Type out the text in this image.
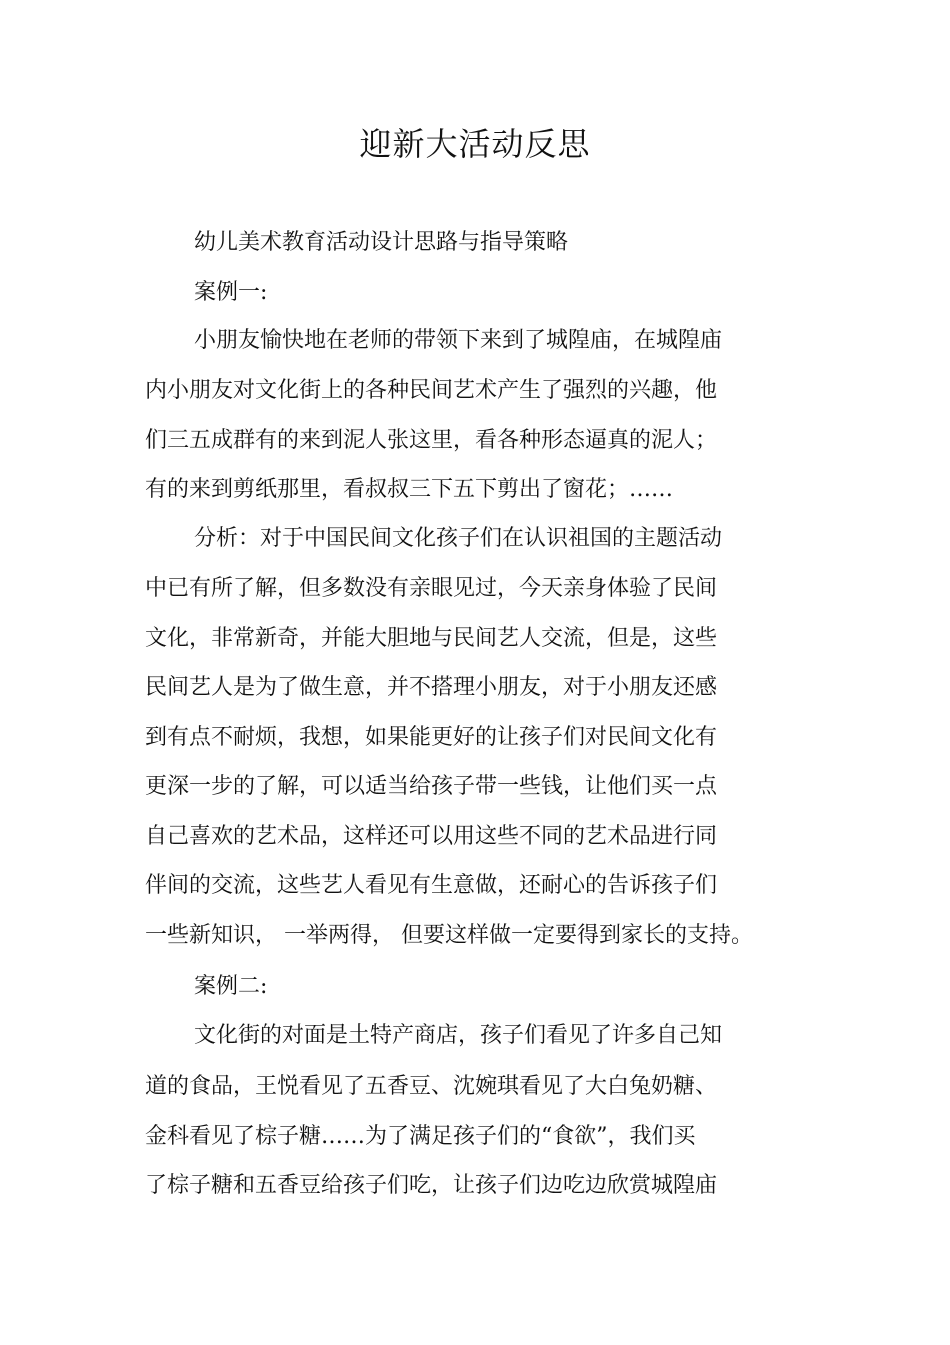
迎新大活动反思
幼儿美术教育活动设计思路与指导策略
案例一:
小朋友愉快地在老师的带领下来到了城隍庙，在城隍庙
内小朋友对文化街上的各种民间艺术产生了强烈的兴趣，他
们三五成群有的来到泥人张这里，看各种形态逼真的泥人；
有的来到剪纸那里，看叔叔三下五下剪出了窗花；……
分析：对于中国民间文化孩子们在认识祖国的主题活动
中已有所了解，但多数没有亲眼见过，今天亲身体验了民间
文化，非常新奇，并能大胆地与民间艺人交流，但是，这些
民间艺人是为了做生意，并不搭理小朋友，对于小朋友还感
到有点不耐烦，我想，如果能更好的让孩子们对民间文化有
更深一步的了解，可以适当给孩子带一些钱，让他们买一点
自己喜欢的艺术品，这样还可以用这些不同的艺术品进行同
伴间的交流，这些艺人看见有生意做，还耐心的告诉孩子们
一些新知识， 一举两得， 但要这样做一定要得到家长的支持。
案例二:
文化街的对面是土特产商店，孩子们看见了许多自己知
道的食品，王悦看见了五香豆、沈婉琪看见了大白兔奶糖、
金科看见了棕子糖……为了满足孩子们的“食欲”，我们买
了棕子糖和五香豆给孩子们吃，让孩子们边吃边欣赏城隍庙
